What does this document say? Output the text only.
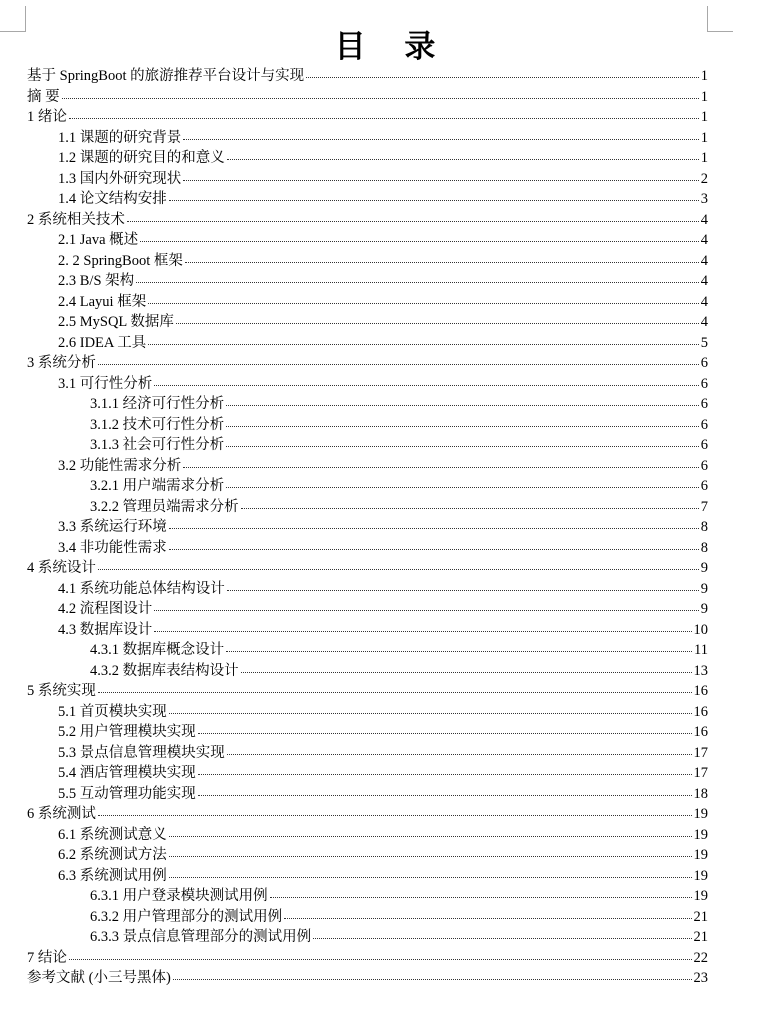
目 录
基于 SpringBoot 的旅游推荐平台设计与实现	1
摘 要	1
1 绪论	1
1.1 课题的研究背景	1
1.2 课题的研究目的和意义	1
1.3 国内外研究现状	2
1.4 论文结构安排	3
2 系统相关技术	4
2.1 Java 概述	4
2. 2 SpringBoot 框架	4
2.3 B/S 架构	4
2.4 Layui 框架	4
2.5 MySQL 数据库	4
2.6 IDEA 工具	5
3 系统分析	6
3.1 可行性分析	6
3.1.1 经济可行性分析	6
3.1.2 技术可行性分析	6
3.1.3 社会可行性分析	6
3.2 功能性需求分析	6
3.2.1 用户端需求分析	6
3.2.2 管理员端需求分析	7
3.3 系统运行环境	8
3.4 非功能性需求	8
4 系统设计	9
4.1 系统功能总体结构设计	9
4.2 流程图设计	9
4.3 数据库设计	10
4.3.1 数据库概念设计	11
4.3.2 数据库表结构设计	13
5 系统实现	16
5.1 首页模块实现	16
5.2 用户管理模块实现	16
5.3 景点信息管理模块实现	17
5.4 酒店管理模块实现	17
5.5 互动管理功能实现	18
6 系统测试	19
6.1 系统测试意义	19
6.2 系统测试方法	19
6.3 系统测试用例	19
6.3.1 用户登录模块测试用例	19
6.3.2 用户管理部分的测试用例	21
6.3.3 景点信息管理部分的测试用例	21
7 结论	22
参考文献 (小三号黑体)	23
